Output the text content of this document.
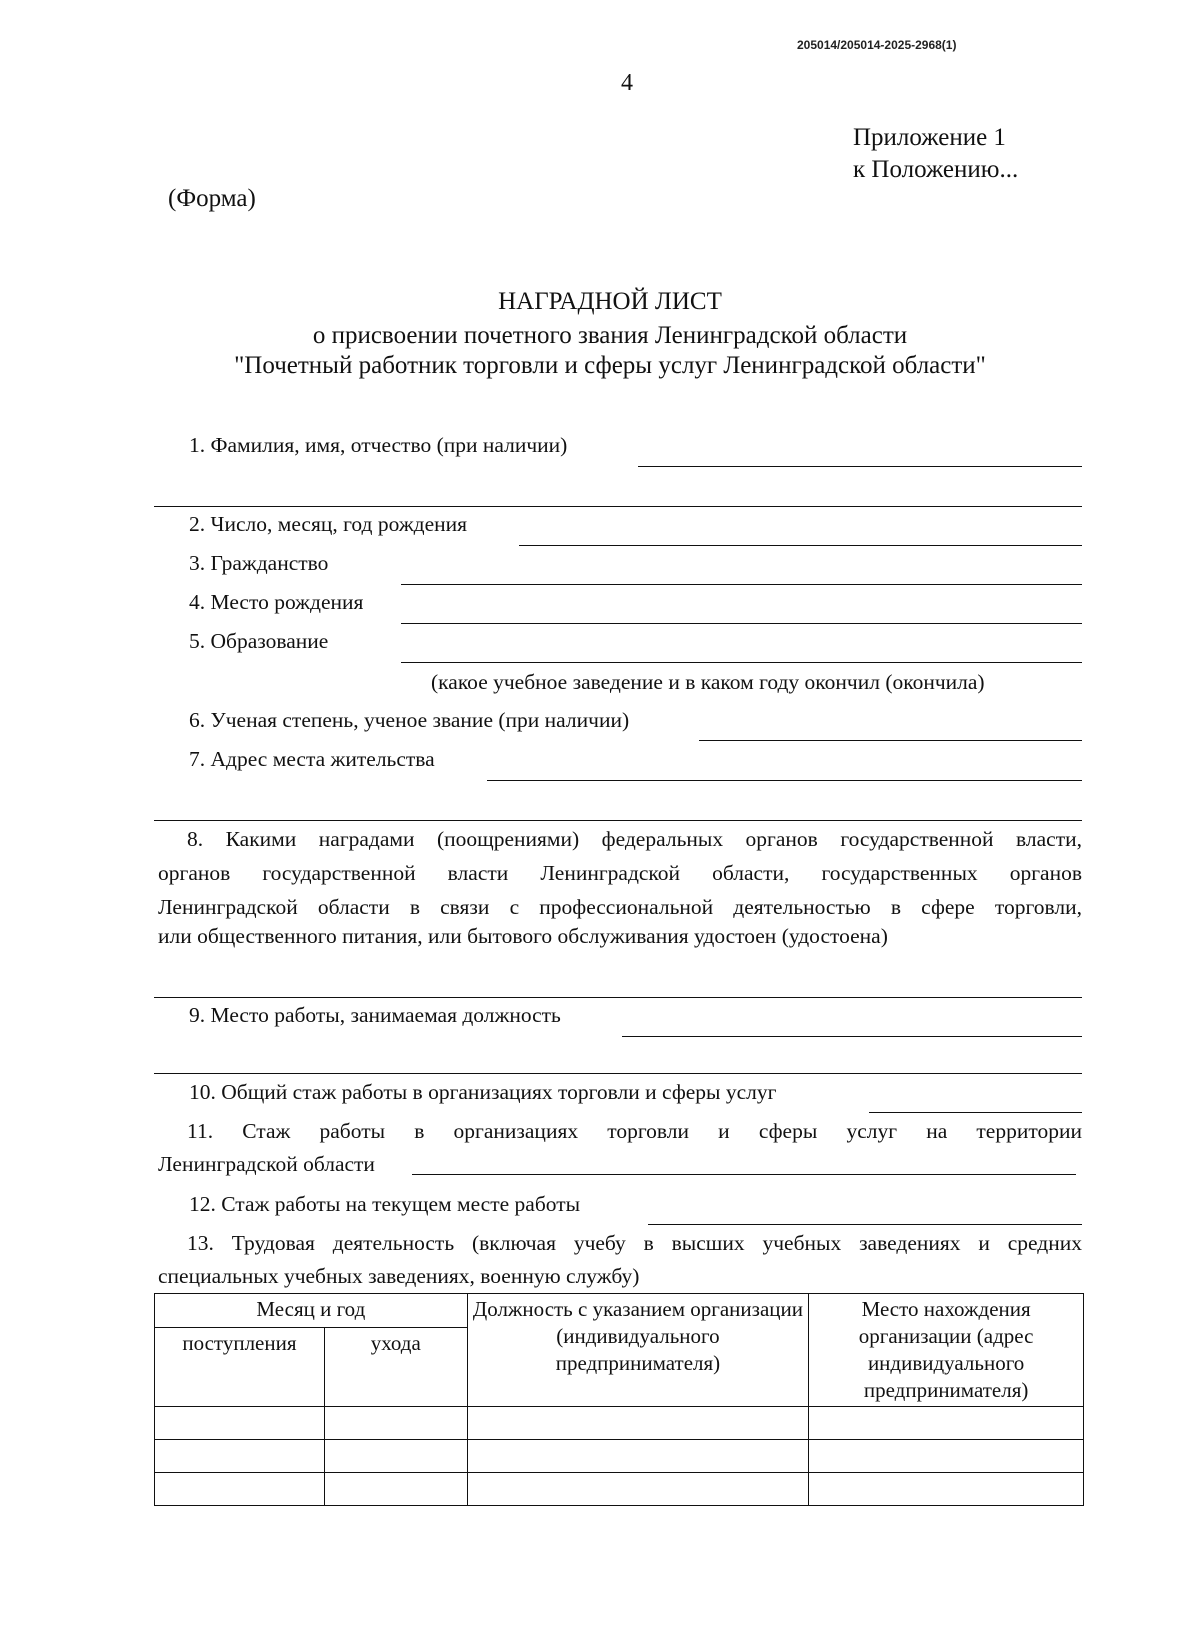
205014/205014-2025-2968(1)
4
Приложение 1
к Положению...
(Форма)
НАГРАДНОЙ ЛИСТ
о присвоении почетного звания Ленинградской области
"Почетный работник торговли и сферы услуг Ленинградской области"
1. Фамилия, имя, отчество (при наличии)
2. Число, месяц, год рождения
3. Гражданство
4. Место рождения
5. Образование
(какое учебное заведение и в каком году окончил (окончила)
6. Ученая степень, ученое звание (при наличии)
7. Адрес места жительства
8. Какими наградами (поощрениями) федеральных органов государственной власти,
органов государственной власти Ленинградской области, государственных органов
Ленинградской области в связи с профессиональной деятельностью в сфере торговли,
или общественного питания, или бытового обслуживания удостоен (удостоена)
9. Место работы, занимаемая должность
10. Общий стаж работы в организациях торговли и сферы услуг
11. Стаж работы в организациях торговли и сферы услуг на территории
Ленинградской области
12. Стаж работы на текущем месте работы
13. Трудовая деятельность (включая учебу в высших учебных заведениях и средних
специальных учебных заведениях, военную службу)
Месяц и год		Должность с указанием организации (индивидуального предпринимателя)	Место нахождения организации (адрес индивидуального предпринимателя)
поступления	ухода		
